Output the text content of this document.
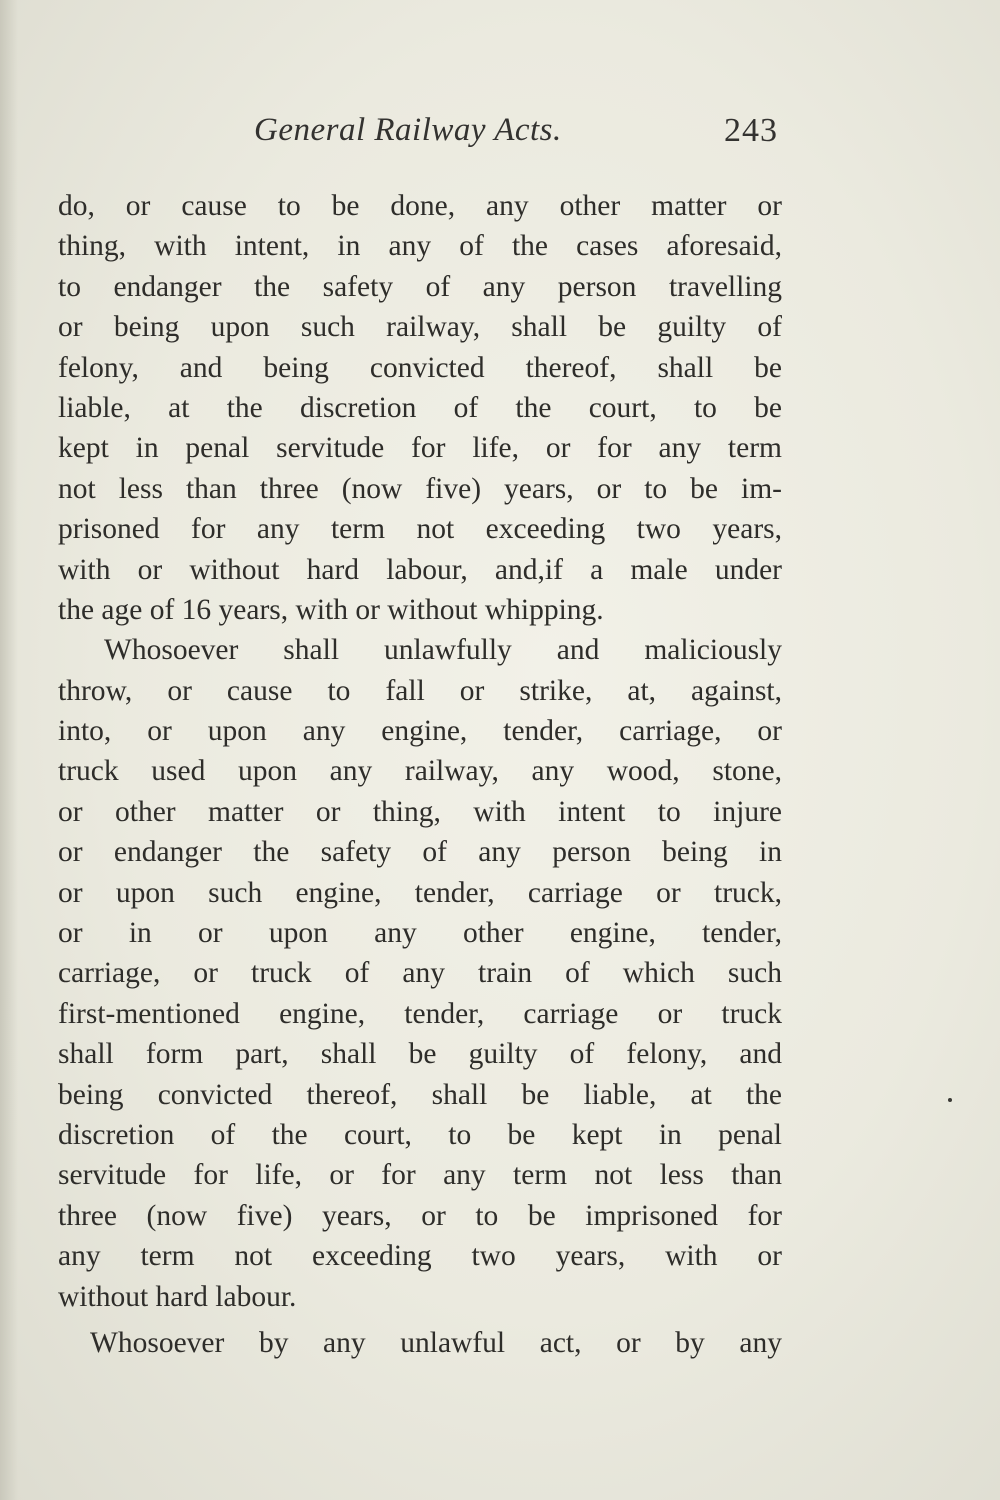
General Railway Acts.	243
do, or cause to be done, any other matter or
thing, with intent, in any of the cases aforesaid,
to endanger the safety of any person travelling
or being upon such railway, shall be guilty of
felony, and being convicted thereof, shall be
liable, at the discretion of the court, to be
kept in penal servitude for life, or for any term
not less than three (now five) years, or to be im-
prisoned for any term not exceeding two years,
with or without hard labour, and,if a male under
the age of 16 years, with or without whipping.
Whosoever shall unlawfully and maliciously
throw, or cause to fall or strike, at, against,
into, or upon any engine, tender, carriage, or
truck used upon any railway, any wood, stone,
or other matter or thing, with intent to injure
or endanger the safety of any person being in
or upon such engine, tender, carriage or truck,
or in or upon any other engine, tender,
carriage, or truck of any train of which such
first-mentioned engine, tender, carriage or truck
shall form part, shall be guilty of felony, and
being convicted thereof, shall be liable, at the
discretion of the court, to be kept in penal
servitude for life, or for any term not less than
three (now five) years, or to be imprisoned for
any term not exceeding two years, with or
without hard labour.
Whosoever by any unlawful act, or by any
